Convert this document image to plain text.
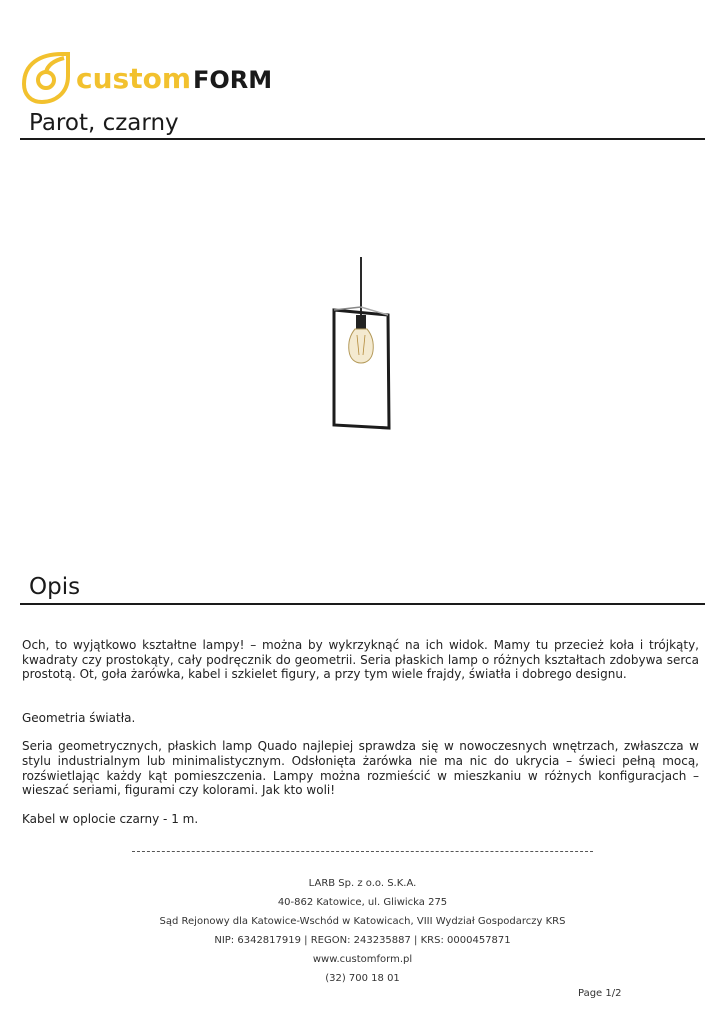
custom FORM
Parot, czarny
Opis

Och, to wyjątkowo kształtne lampy! – można by wykrzyknąć na ich widok. Mamy tu przecież koła i trójkąty, kwadraty czy prostokąty, cały podręcznik do geometrii. Seria płaskich lamp o różnych kształtach zdobywa serca prostotą. Ot, goła żarówka, kabel i szkielet figury, a przy tym wiele frajdy, światła i dobrego designu.

Geometria światła.

Seria geometrycznych, płaskich lamp Quado najlepiej sprawdza się w nowoczesnych wnętrzach, zwłaszcza w stylu industrialnym lub minimalistycznym. Odsłonięta żarówka nie ma nic do ukrycia – świeci pełną mocą, rozświetlając każdy kąt pomieszczenia. Lampy można rozmieścić w mieszkaniu w różnych konfiguracjach – wieszać seriami, figurami czy kolorami. Jak kto woli!

Kabel w oplocie czarny - 1 m.

LARB Sp. z o.o. S.K.A.
40-862 Katowice, ul. Gliwicka 275
Sąd Rejonowy dla Katowice-Wschód w Katowicach, VIII Wydział Gospodarczy KRS
NIP: 6342817919 | REGON: 243235887 | KRS: 0000457871
www.customform.pl
(32) 700 18 01
Page 1/2
